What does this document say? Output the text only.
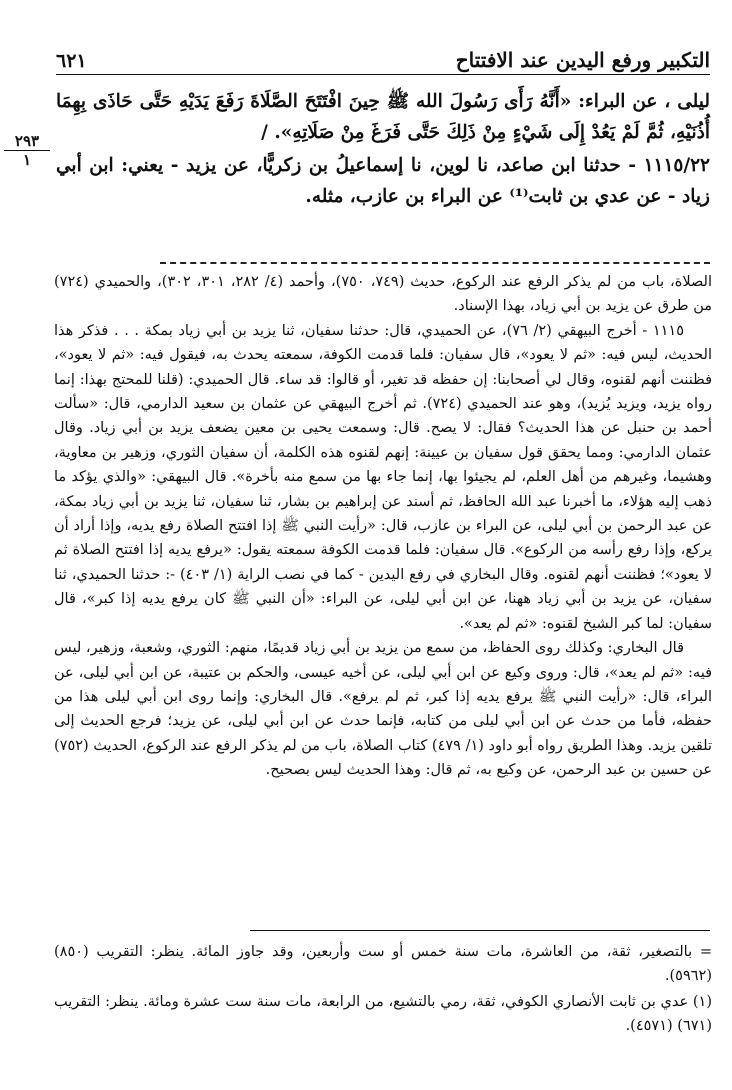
٦٢١	التكبير ورفع اليدين عند الافتتاح
٢٩٣
١

ليلى ، عن البراء: «أَنَّهُ رَأَى رَسُولَ الله ﷺ حِينَ افْتَتَحَ الصَّلَاةَ رَفَعَ يَدَيْهِ حَتَّى حَاذَى بِهِمَا أُذُنَيْهِ، ثُمَّ لَمْ يَعُدْ إِلَى شَيْءٍ مِنْ ذَلِكَ حَتَّى فَرَغَ مِنْ صَلَاتِهِ». /

١١١٥/٢٢ - حدثنا ابن صاعد، نا لوين، نا إسماعيلُ بن زكريًّا، عن يزيد - يعني: ابن أبي زياد - عن عدي بن ثابت⁽¹⁾ عن البراء بن عازب، مثله.

الصلاة، باب من لم يذكر الرفع عند الركوع، حديث (٧٤٩، ٧٥٠)، وأحمد (٤/ ٢٨٢، ٣٠١، ٣٠٢)، والحميدي (٧٢٤) من طرق عن يزيد بن أبي زياد، بهذا الإسناد.

١١١٥ - أخرج البيهقي (٢/ ٧٦)، عن الحميدي، قال: حدثنا سفيان، ثنا يزيد بن أبي زياد بمكة . . . فذكر هذا الحديث، ليس فيه: «ثم لا يعود»، قال سفيان: فلما قدمت الكوفة، سمعته يحدث به، فيقول فيه: «ثم لا يعود»، فظننت أنهم لقنوه، وقال لي أصحابنا: إن حفظه قد تغير، أو قالوا: قد ساء. قال الحميدي: (قلنا للمحتج بهذا: إنما رواه يزيد، ويزيد يُزيد)، وهو عند الحميدي (٧٢٤). ثم أخرج البيهقي عن عثمان بن سعيد الدارمي، قال: «سألت أحمد بن حنبل عن هذا الحديث؟ فقال: لا يصح. قال: وسمعت يحيى بن معين يضعف يزيد بن أبي زياد. وقال عثمان الدارمي: ومما يحقق قول سفيان بن عيينة: إنهم لقنوه هذه الكلمة، أن سفيان الثوري، وزهير بن معاوية، وهشيما، وغيرهم من أهل العلم، لم يجيئوا بها، إنما جاء بها من سمع منه بأخرة». قال البيهقي: «والذي يؤكد ما ذهب إليه هؤلاء، ما أخبرنا عبد الله الحافظ، ثم أسند عن إبراهيم بن بشار، ثنا سفيان، ثنا يزيد بن أبي زياد بمكة، عن عبد الرحمن بن أبي ليلى، عن البراء بن عازب، قال: «رأيت النبي ﷺ إذا افتتح الصلاة رفع يديه، وإذا أراد أن يركع، وإذا رفع رأسه من الركوع». قال سفيان: فلما قدمت الكوفة سمعته يقول: «يرفع يديه إذا افتتح الصلاة ثم لا يعود»؛ فظننت أنهم لقنوه. وقال البخاري في رفع اليدين - كما في نصب الراية (١/ ٤٠٣) -: حدثنا الحميدي، ثنا سفيان، عن يزيد بن أبي زياد ههنا، عن ابن أبي ليلى، عن البراء: «أن النبي ﷺ كان يرفع يديه إذا كبر»، قال سفيان: لما كبر الشيخ لقنوه: «ثم لم يعد».

قال البخاري: وكذلك روى الحفاظ، من سمع من يزيد بن أبي زياد قديمًا، منهم: الثوري، وشعبة، وزهير، ليس فيه: «ثم لم يعد»، قال: وروى وكيع عن ابن أبي ليلى، عن أخيه عيسى، والحكم بن عتيبة، عن ابن أبي ليلى، عن البراء، قال: «رأيت النبي ﷺ يرفع يديه إذا كبر، ثم لم يرفع». قال البخاري: وإنما روى ابن أبي ليلى هذا من حفظه، فأما من حدث عن ابن أبي ليلى من كتابه، فإنما حدث عن ابن أبي ليلى، عن يزيد؛ فرجع الحديث إلى تلقين يزيد. وهذا الطريق رواه أبو داود (١/ ٤٧٩) كتاب الصلاة، باب من لم يذكر الرفع عند الركوع، الحديث (٧٥٢) عن حسين بن عبد الرحمن، عن وكيع به، ثم قال: وهذا الحديث ليس بصحيح.

= بالتصغير، ثقة، من العاشرة، مات سنة خمس أو ست وأربعين، وقد جاوز المائة. ينظر: التقريب (٨٥٠) (٥٩٦٢).

(١) عدي بن ثابت الأنصاري الكوفي، ثقة، رمي بالتشيع، من الرابعة، مات سنة ست عشرة ومائة. ينظر: التقريب (٦٧١) (٤٥٧١).
